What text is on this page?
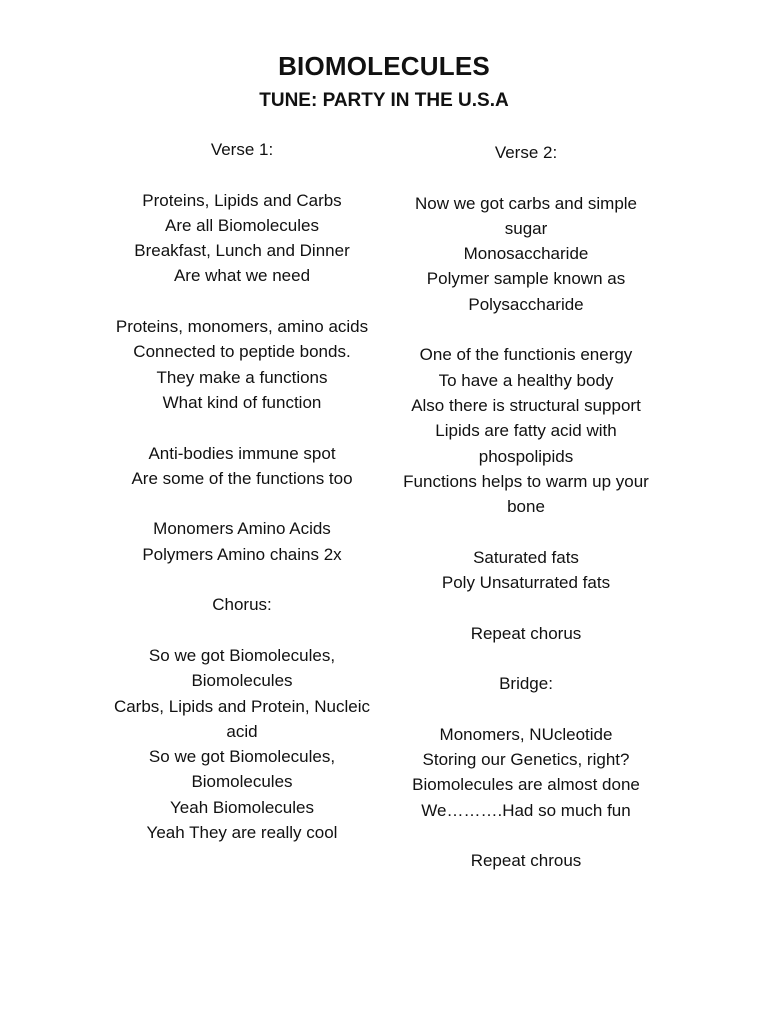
BIOMOLECULES
TUNE: PARTY IN THE U.S.A
Verse 1:
Proteins, Lipids and Carbs
Are all Biomolecules
Breakfast, Lunch and Dinner
Are what we need
Proteins, monomers, amino acids
Connected to peptide bonds.
They make a functions
What kind of function
Anti-bodies immune spot
Are some of the functions too
Monomers Amino Acids
Polymers Amino chains 2x
Chorus:
So we got Biomolecules, Biomolecules
Carbs, Lipids and Protein, Nucleic acid
So we got Biomolecules, Biomolecules
Yeah Biomolecules
Yeah They are really cool
Verse 2:
Now we got carbs and simple sugar
Monosaccharide
Polymer sample known as
Polysaccharide
One of the functionis energy
To have a healthy body
Also there is structural support
Lipids are fatty acid with phospolipids
Functions helps to warm up your bone
Saturated fats
Poly Unsaturrated fats
Repeat chorus
Bridge:
Monomers, NUcleotide
Storing our Genetics, right?
Biomolecules are almost done
We……….Had so much fun
Repeat chrous
